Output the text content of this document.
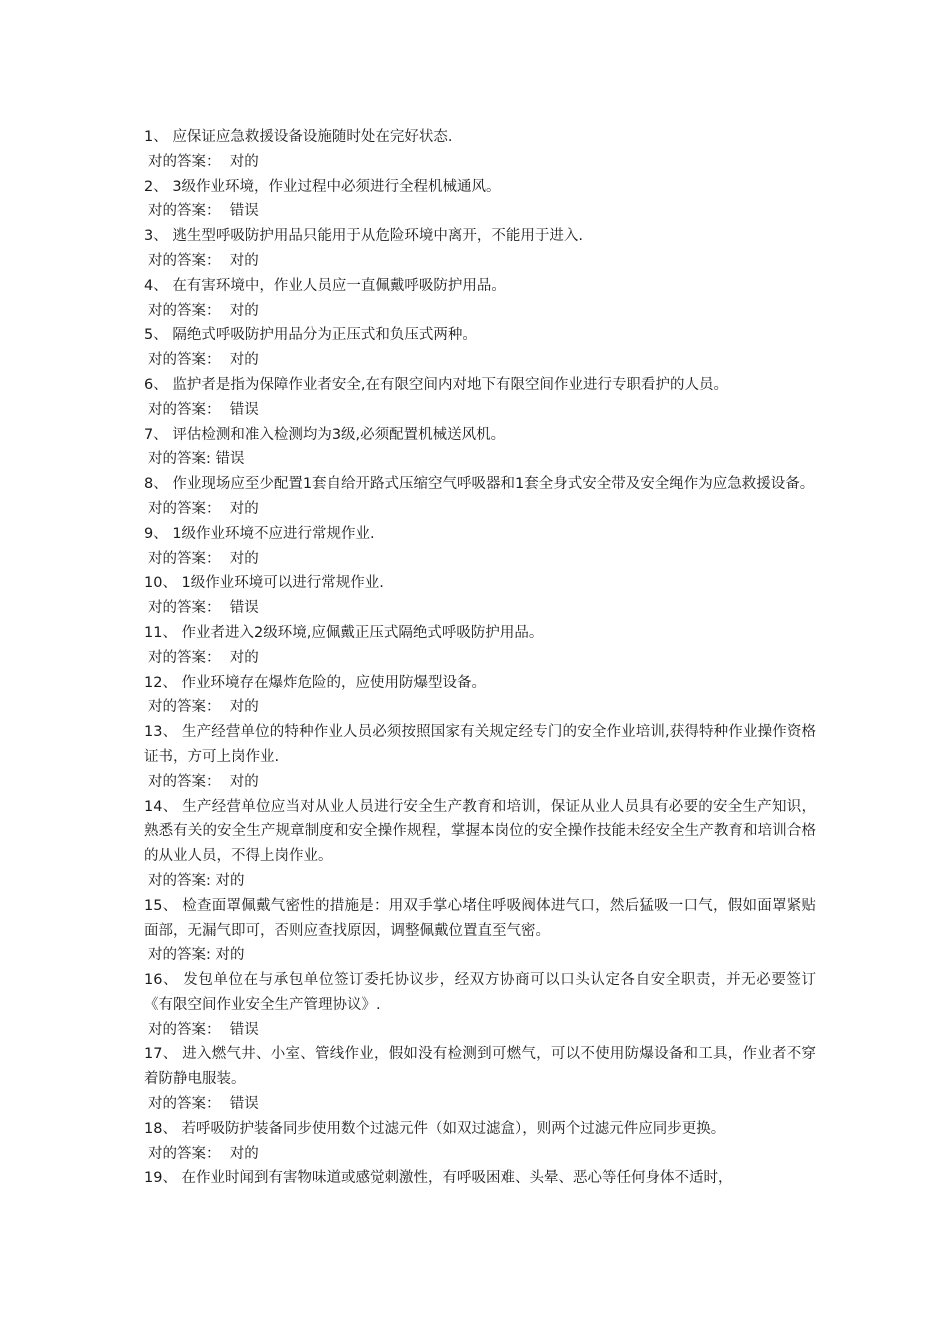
1、 应保证应急救援设备设施随时处在完好状态.

对的答案：  对的

2、 3级作业环境，作业过程中必须进行全程机械通风。

对的答案：  错误

3、 逃生型呼吸防护用品只能用于从危险环境中离开，不能用于进入.

对的答案：  对的

4、 在有害环境中，作业人员应一直佩戴呼吸防护用品。

对的答案：  对的

5、 隔绝式呼吸防护用品分为正压式和负压式两种。

对的答案：  对的

6、 监护者是指为保障作业者安全,在有限空间内对地下有限空间作业进行专职看护的人员。

对的答案：  错误

7、 评估检测和准入检测均为3级,必须配置机械送风机。

对的答案: 错误

8、 作业现场应至少配置1套自给开路式压缩空气呼吸器和1套全身式安全带及安全绳作为应急救援设备。

对的答案：  对的

9、 1级作业环境不应进行常规作业.

对的答案：  对的

10、 1级作业环境可以进行常规作业.

对的答案：  错误

11、 作业者进入2级环境,应佩戴正压式隔绝式呼吸防护用品。

对的答案：  对的

12、 作业环境存在爆炸危险的，应使用防爆型设备。

对的答案：  对的

13、 生产经营单位的特种作业人员必须按照国家有关规定经专门的安全作业培训,获得特种作业操作资格证书，方可上岗作业.

对的答案：  对的

14、 生产经营单位应当对从业人员进行安全生产教育和培训，保证从业人员具有必要的安全生产知识，熟悉有关的安全生产规章制度和安全操作规程，掌握本岗位的安全操作技能未经安全生产教育和培训合格的从业人员，不得上岗作业。

对的答案: 对的

15、 检查面罩佩戴气密性的措施是：用双手掌心堵住呼吸阀体进气口，然后猛吸一口气，假如面罩紧贴面部，无漏气即可，否则应查找原因，调整佩戴位置直至气密。

对的答案: 对的

16、 发包单位在与承包单位签订委托协议步，经双方协商可以口头认定各自安全职责，并无必要签订《有限空间作业安全生产管理协议》.

对的答案：  错误

17、 进入燃气井、小室、管线作业，假如没有检测到可燃气，可以不使用防爆设备和工具，作业者不穿着防静电服装。

对的答案：  错误

18、 若呼吸防护装备同步使用数个过滤元件（如双过滤盒），则两个过滤元件应同步更换。

对的答案：  对的

19、 在作业时闻到有害物味道或感觉刺激性，有呼吸困难、头晕、恶心等任何身体不适时，
